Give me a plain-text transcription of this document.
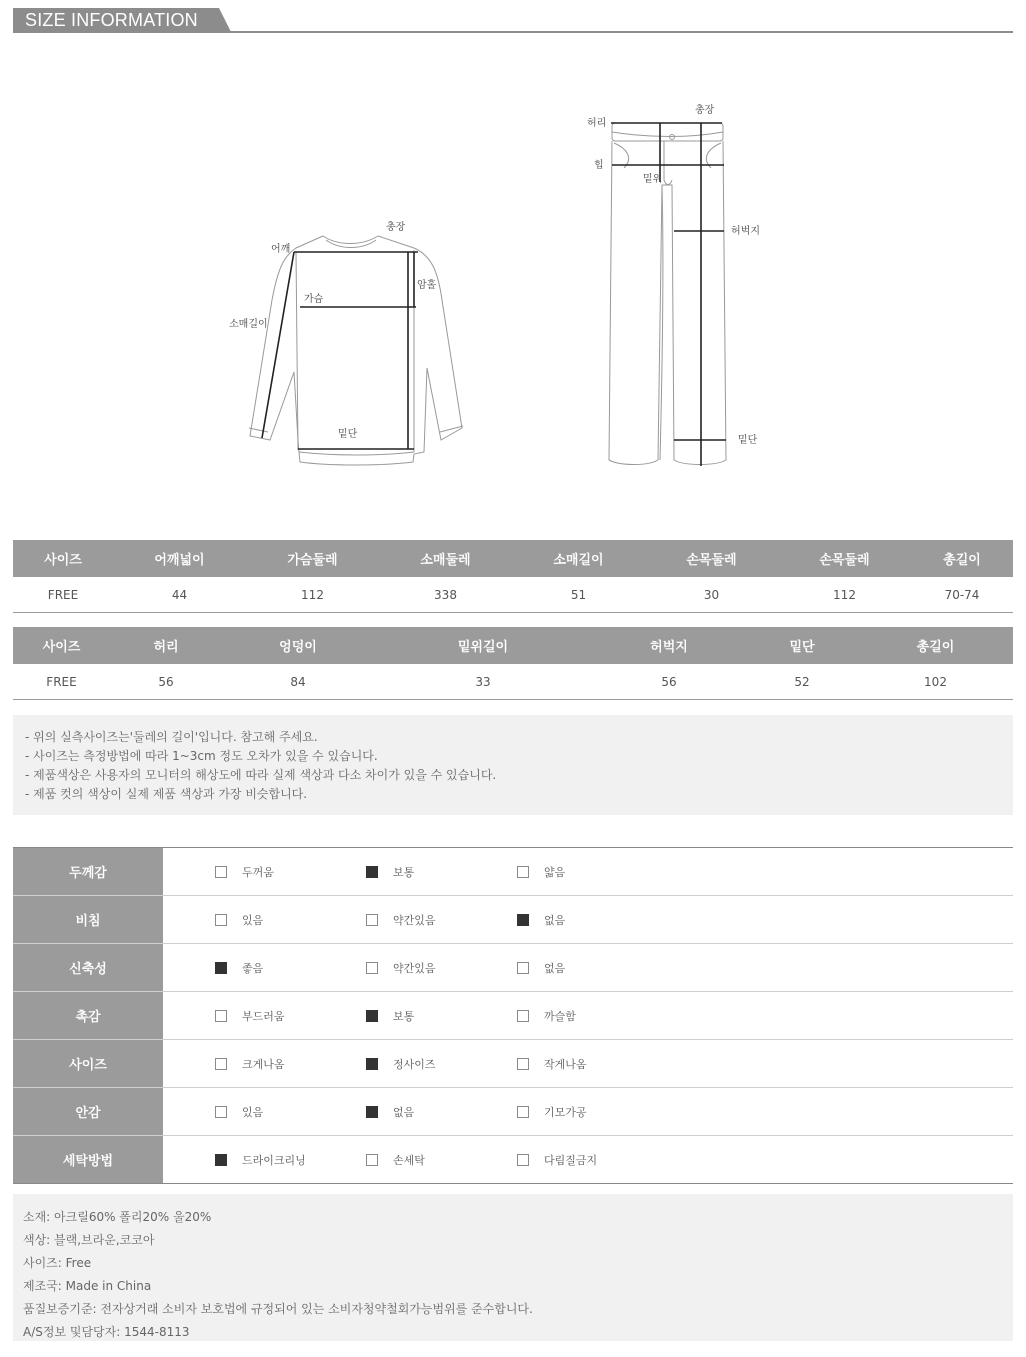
SIZE INFORMATION
총장
어깨
가슴
암홀
소매길이
밑단
총장
허리
힙
밑위
허벅지
밑단
사이즈	어깨넓이	가슴둘레	소매둘레	소매길이	손목둘레	손목둘레	총길이
FREE	44	112	338	51	30	112	70-74
사이즈	허리	엉덩이	밑위길이	허벅지	밑단	총길이
FREE	56	84	33	56	52	102
- 위의 실측사이즈는'둘레의 길이'입니다. 참고해 주세요.
- 사이즈는 측정방법에 따라 1~3cm 정도 오차가 있을 수 있습니다.
- 제품색상은 사용자의 모니터의 해상도에 따라 실제 색상과 다소 차이가 있을 수 있습니다.
- 제품 컷의 색상이 실제 제품 색상과 가장 비슷합니다.
두께감	두꺼움	보통	얇음
비침	있음	약간있음	없음
신축성	좋음	약간있음	없음
촉감	부드러움	보통	까슬함
사이즈	크게나옴	정사이즈	작게나옴
안감	있음	없음	기모가공
세탁방법	드라이크리닝	손세탁	다림질금지
소재: 아크릴60% 폴리20% 울20%
색상: 블랙,브라운,코코아
사이즈: Free
제조국: Made in China
품질보증기준: 전자상거래 소비자 보호법에 규정되어 있는 소비자청약철회가능범위를 준수합니다.
A/S정보 및담당자: 1544-8113
